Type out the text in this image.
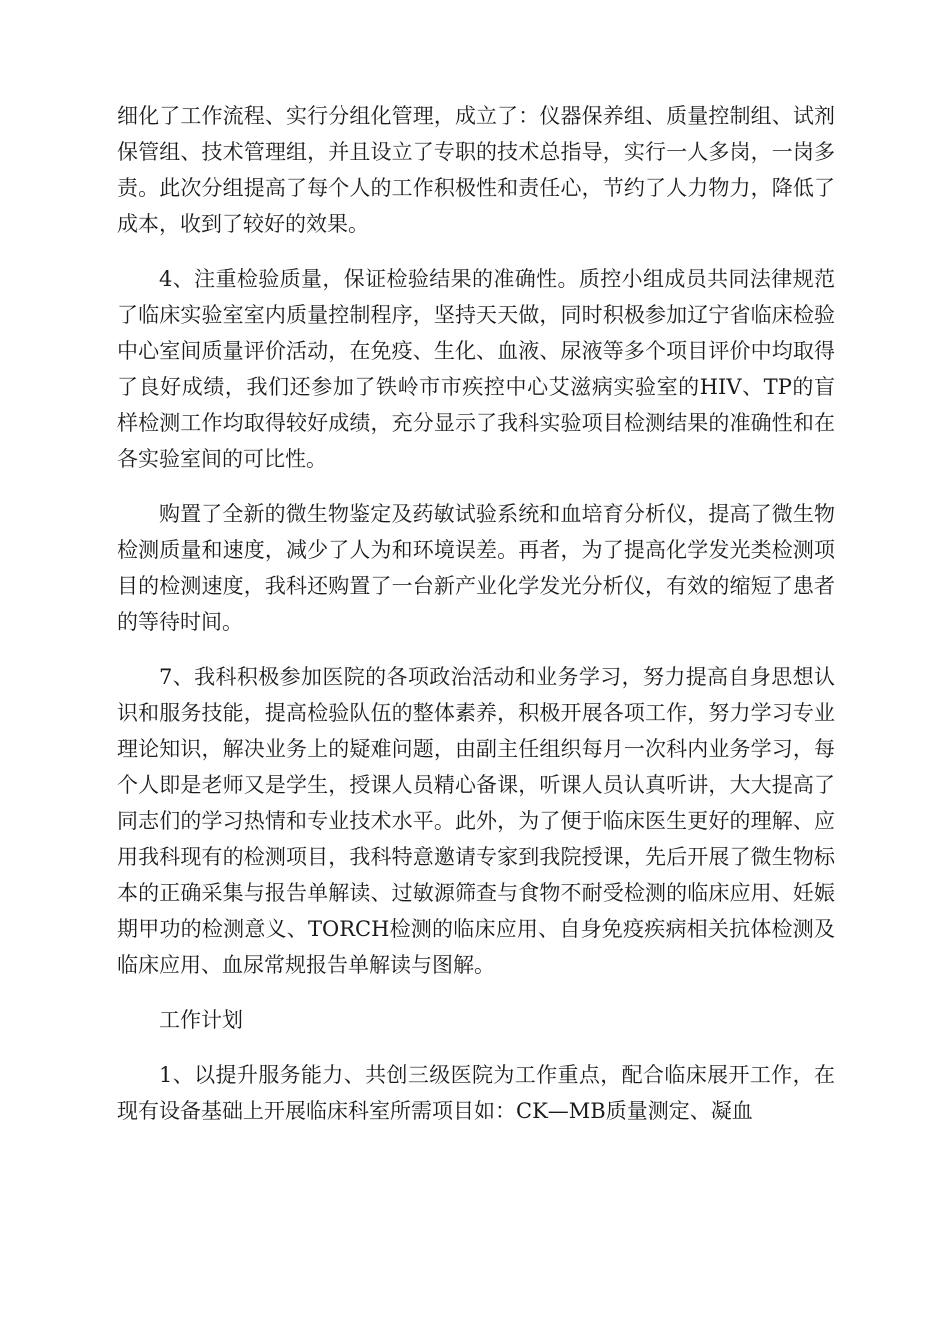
细化了工作流程、实行分组化管理，成立了：仪器保养组、质量控制组、试剂保管组、技术管理组，并且设立了专职的技术总指导，实行一人多岗，一岗多责。此次分组提高了每个人的工作积极性和责任心，节约了人力物力，降低了成本，收到了较好的效果。

4、注重检验质量，保证检验结果的准确性。质控小组成员共同法律规范了临床实验室室内质量控制程序，坚持天天做，同时积极参加辽宁省临床检验中心室间质量评价活动，在免疫、生化、血液、尿液等多个项目评价中均取得了良好成绩，我们还参加了铁岭市市疾控中心艾滋病实验室的HIV、TP的盲样检测工作均取得较好成绩，充分显示了我科实验项目检测结果的准确性和在各实验室间的可比性。

购置了全新的微生物鉴定及药敏试验系统和血培育分析仪，提高了微生物检测质量和速度，减少了人为和环境误差。再者，为了提高化学发光类检测项目的检测速度，我科还购置了一台新产业化学发光分析仪，有效的缩短了患者的等待时间。

7、我科积极参加医院的各项政治活动和业务学习，努力提高自身思想认识和服务技能，提高检验队伍的整体素养，积极开展各项工作，努力学习专业理论知识，解决业务上的疑难问题，由副主任组织每月一次科内业务学习，每个人即是老师又是学生，授课人员精心备课，听课人员认真听讲，大大提高了同志们的学习热情和专业技术水平。此外，为了便于临床医生更好的理解、应用我科现有的检测项目，我科特意邀请专家到我院授课，先后开展了微生物标本的正确采集与报告单解读、过敏源筛查与食物不耐受检测的临床应用、妊娠期甲功的检测意义、TORCH检测的临床应用、自身免疫疾病相关抗体检测及临床应用、血尿常规报告单解读与图解。

工作计划

1、以提升服务能力、共创三级医院为工作重点，配合临床展开工作，在现有设备基础上开展临床科室所需项目如：CK—MB质量测定、凝血
